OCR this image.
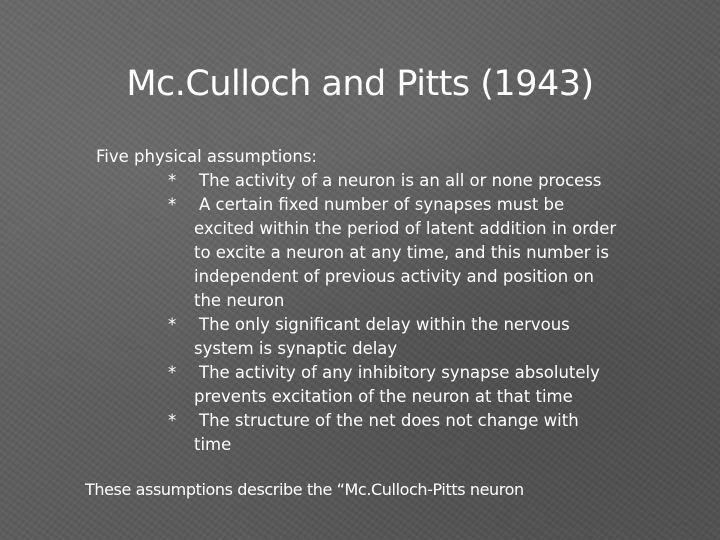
Mc.Culloch and Pitts (1943)

Five physical assumptions:

* The activity of a neuron is an all or none process
* A certain fixed number of synapses must be
excited within the period of latent addition in order
to excite a neuron at any time, and this number is
independent of previous activity and position on
the neuron
* The only significant delay within the nervous
system is synaptic delay
* The activity of any inhibitory synapse absolutely
prevents excitation of the neuron at that time
* The structure of the net does not change with
time

These assumptions describe the “Mc.Culloch-Pitts neuron
